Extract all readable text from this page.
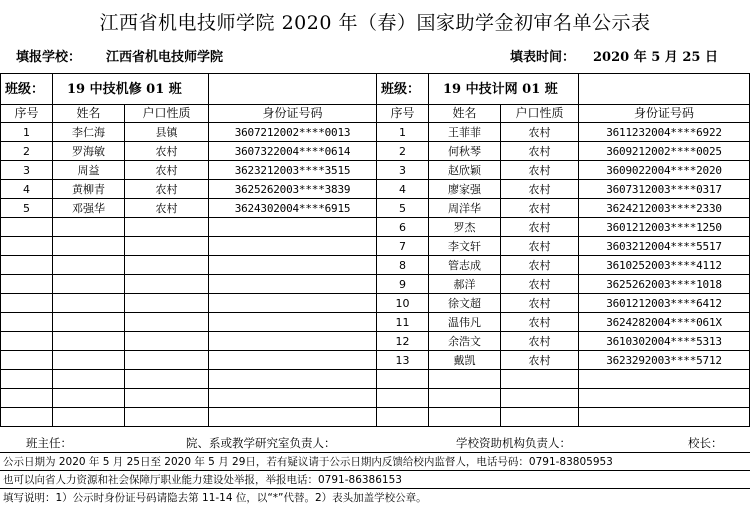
江西省机电技师学院 2020 年（春）国家助学金初审名单公示表
填报学校： 江西省机电技师学院	填表时间： 2020 年 5 月 25 日
班级：	19 中技机修 01 班		
序号	姓名	户口性质	身份证号码
1	李仁海	县镇	3607212002****0013
2	罗海敏	农村	3607322004****0614
3	周益	农村	3623212003****3515
4	黄柳青	农村	3625262003****3839
5	邓强华	农村	3624302004****6915

班级：	19 中技计网 01 班		
序号	姓名	户口性质	身份证号码
1	王菲菲	农村	3611232004****6922
2	何秋琴	农村	3609212002****0025
3	赵欣颖	农村	3609022004****2020
4	廖家强	农村	3607312003****0317
5	周洋华	农村	3624212003****2330
6	罗杰	农村	3601212003****1250
7	李文轩	农村	3603212004****5517
8	管志成	农村	3610252003****4112
9	郝洋	农村	3625262003****1018
10	徐文超	农村	3601212003****6412
11	温伟凡	农村	3624282004****061X
12	余浩文	农村	3610302004****5313
13	戴凯	农村	3623292003****5712

班主任：	院、系或教学研究室负责人：	学校资助机构负责人：	校长：
公示日期为 2020 年 5 月 25日至 2020 年 5 月 29日，若有疑议请于公示日期内反馈给校内监督人，电话号码：0791-83805953
也可以向省人力资源和社会保障厅职业能力建设处举报，举报电话：0791-86386153
填写说明：1）公示时身份证号码请隐去第 11-14 位，以“*”代替。2）表头加盖学校公章。
